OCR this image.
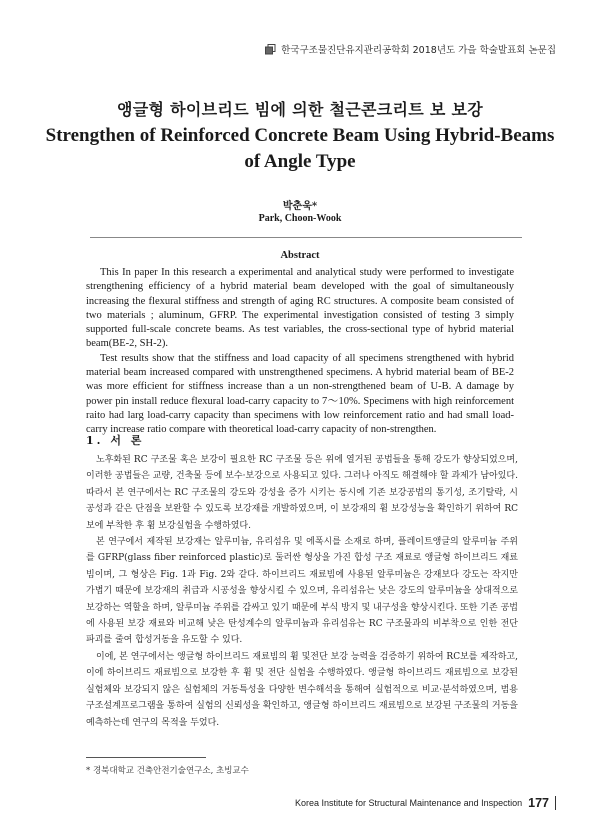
한국구조물진단유지관리공학회 2018년도 가을 학술발표회 논문집
앵글형 하이브리드 빔에 의한 철근콘크리트 보 보강
Strengthen of Reinforced Concrete Beam Using Hybrid-Beams of Angle Type
박춘욱*
Park, Choon-Wook
Abstract

This In paper In this research a experimental and analytical study were performed to investigate strengthening efficiency of a hybrid material beam developed with the goal of simultaneously increasing the flexural stiffness and strength of aging RC structures. A composite beam consisted of two materials ; aluminum, GFRP. The experimental investigation consisted of testing 3 simply supported full-scale concrete beams. As test variables, the cross-sectional type of hybrid material beam(BE-2, SH-2).

Test results show that the stiffness and load capacity of all specimens strengthened with hybrid material beam increased compared with unstrengthened specimens. A hybrid material beam of BE-2 was more efficient for stiffness increase than a un non-strengthened beam of U-B. A damage by power pin install reduce flexural load-carry capacity to 7～10%. Specimens with high reinforcement raito had larg load-carry capacity than specimens with low reinforcement ratio and had small load-carry increase ratio compare with theoretical load-carry capacity of non-strengthen.

1. 서 론

노후화된 RC 구조물 혹은 보강이 필요한 RC 구조물 등은 위에 열거된 공법들을 통해 강도가 향상되었으며, 이러한 공법들은 교량, 건축물 등에 보수·보강으로 사용되고 있다. 그러나 아직도 해결해야 할 과제가 남아있다. 따라서 본 연구에서는 RC 구조물의 강도와 강성을 증가 시키는 동시에 기존 보강공법의 통기성, 조기탈락, 시공성과 같은 단점을 보완할 수 있도록 보강재를 개발하였으며, 이 보강재의 휨 보강성능을 확인하기 위하여 RC 보에 부착한 후 휨 보강실험을 수행하였다.

본 연구에서 제작된 보강재는 알루미늄, 유리섬유 및 에폭시를 소재로 하며, 플레이트앵글의 알루미늄 주위를 GFRP(glass fiber reinforced plastic)로 둘러싼 형상을 가진 합성 구조 재료로 앵글형 하이브리드 재료빔이며, 그 형상은 Fig. 1과 Fig. 2와 같다. 하이브리드 재료빔에 사용된 알루미늄은 강재보다 강도는 작지만 가볍기 때문에 보강재의 취급과 시공성을 향상시킬 수 있으며, 유리섬유는 낮은 강도의 알루미늄을 상대적으로 보강하는 역할을 하며, 알루미늄 주위를 감싸고 있기 때문에 부식 방지 및 내구성을 향상시킨다. 또한 기존 공법에 사용된 보강 재료와 비교해 낮은 탄성계수의 알루미늄과 유리섬유는 RC 구조물과의 비부착으로 인한 전단파괴를 줄여 합성거동을 유도할 수 있다.

이에, 본 연구에서는 앵글형 하이브리드 재료빔의 휨 및전단 보강 능력을 검증하기 위하여 RC보를 제작하고, 이에 하이브리드 재료빔으로 보강한 후 휨 및 전단 실험을 수행하였다. 앵글형 하이브리드 재료빔으로 보강된 실험체와 보강되지 않은 실험체의 거동특성을 다양한 변수해석을 통해여 실험적으로 비교·분석하였으며, 범용구조설계프로그램을 통하여 실험의 신뢰성을 확인하고, 앵글형 하이브리드 재료빔으로 보강된 구조물의 거동을 예측하는데 연구의 목적을 두었다.

* 경북대학교 건축안전기술연구소, 초빙교수
Korea Institute for Structural Maintenance and Inspection 177
